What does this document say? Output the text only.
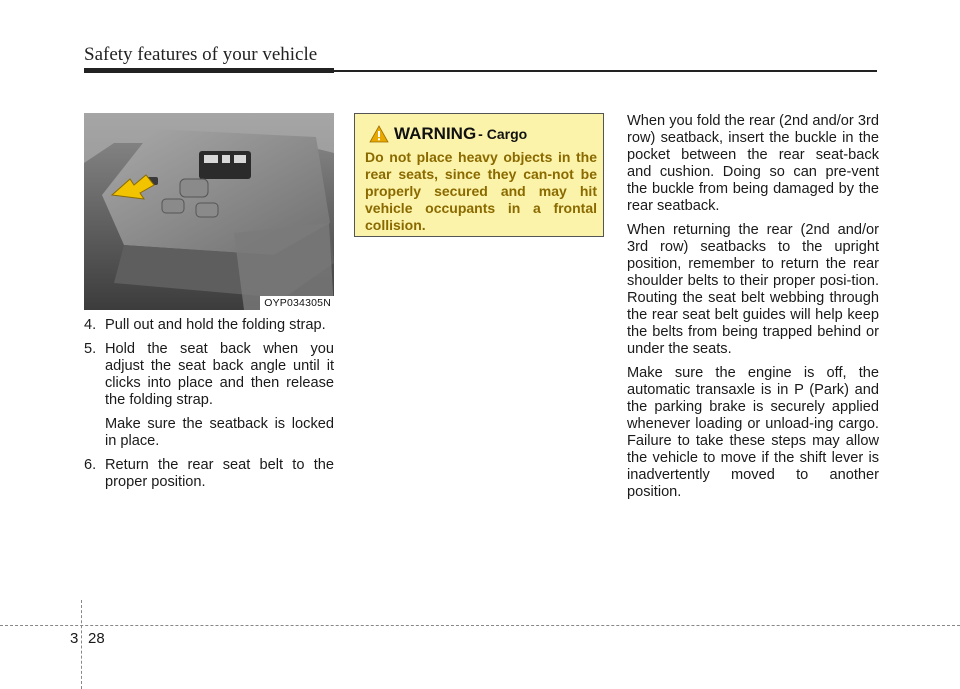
Safety features of your vehicle
OYP034305N
4. Pull out and hold the folding strap.
5. Hold the seat back when you adjust the seat back angle until it clicks into place and then release the folding strap.
Make sure the seatback is locked in place.
6. Return the rear seat belt to the proper position.
WARNING - Cargo
Do not place heavy objects in the rear seats, since they can-not be properly secured and may hit vehicle occupants in a frontal collision.

When you fold the rear (2nd and/or 3rd row) seatback, insert the buckle in the pocket between the rear seat-back and cushion. Doing so can pre-vent the buckle from being damaged by the rear seatback.

When returning the rear (2nd and/or 3rd row) seatbacks to the upright position, remember to return the rear shoulder belts to their proper posi-tion. Routing the seat belt webbing through the rear seat belt guides will help keep the belts from being trapped behind or under the seats.

Make sure the engine is off, the automatic transaxle is in P (Park) and the parking brake is securely applied whenever loading or unload-ing cargo. Failure to take these steps may allow the vehicle to move if the shift lever is inadvertently moved to another position.

3 28
